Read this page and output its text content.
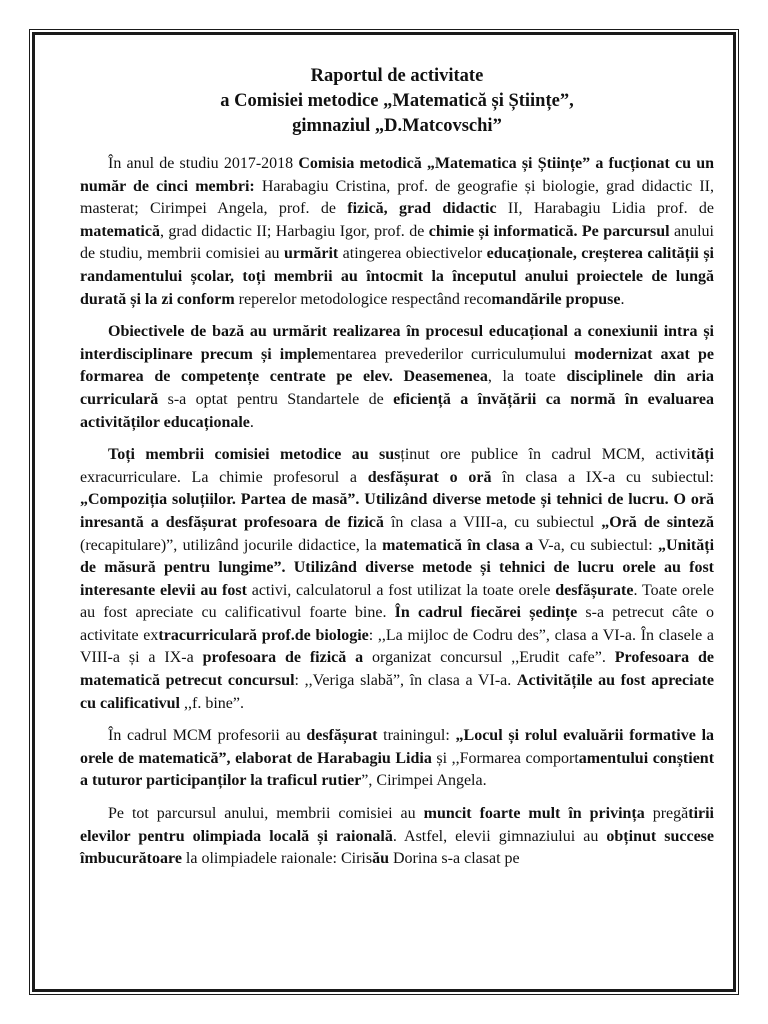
Raportul de activitate
a Comisiei metodice „Matematică și Științe”,
gimnaziul „D.Matcovschi”

În anul de studiu 2017-2018 Comisia metodică „Matematica și Științe” a fucționat cu un număr de cinci membri: Harabagiu Cristina, prof. de geografie și biologie, grad didactic II, masterat; Cirimpei Angela, prof. de fizică, grad didactic II, Harabagiu Lidia prof. de matematică, grad didactic II; Harbagiu Igor, prof. de chimie și informatică. Pe parcursul anului de studiu, membrii comisiei au urmărit atingerea obiectivelor educaționale, creșterea calității și randamentului școlar, toți membrii au întocmit la începutul anului proiectele de lungă durată și la zi conform reperelor metodologice respectând recomandările propuse.

Obiectivele de bază au urmărit realizarea în procesul educațional a conexiunii intra și interdisciplinare precum și implementarea prevederilor curriculumului modernizat axat pe formarea de competențe centrate pe elev. Deasemenea, la toate disciplinele din aria curriculară s-a optat pentru Standartele de eficiență a învățării ca normă în evaluarea activităților educaționale.

Toți membrii comisiei metodice au susținut ore publice în cadrul MCM, activități exracurriculare. La chimie profesorul a desfășurat o oră în clasa a IX-a cu subiectul: „Compoziția soluțiilor. Partea de masă”. Utilizând diverse metode și tehnici de lucru. O oră inresantă a desfășurat profesoara de fizică în clasa a VIII-a, cu subiectul „Oră de sinteză (recapitulare)”, utilizând jocurile didactice, la matematică în clasa a V-a, cu subiectul: „Unități de măsură pentru lungime”. Utilizând diverse metode și tehnici de lucru orele au fost interesante elevii au fost activi, calculatorul a fost utilizat la toate orele desfășurate. Toate orele au fost apreciate cu calificativul foarte bine. În cadrul fiecărei ședințe s-a petrecut câte o activitate extracurriculară prof.de biologie: ,,La mijloc de Codru des”, clasa a VI-a. În clasele a VIII-a și a IX-a profesoara de fizică a organizat concursul ,,Erudit cafe”. Profesoara de matematică petrecut concursul: ,,Veriga slabă”, în clasa a VI-a. Activitățile au fost apreciate cu calificativul ,,f. bine”.

În cadrul MCM profesorii au desfășurat trainingul: „Locul și rolul evaluării formative la orele de matematică”, elaborat de Harabagiu Lidia și ,,Formarea comportamentului conștient a tuturor participanților la traficul rutier”, Cirimpei Angela.

Pe tot parcursul anului, membrii comisiei au muncit foarte mult în privința pregătirii elevilor pentru olimpiada locală și raională. Astfel, elevii gimnaziului au obținut succese îmbucurătoare la olimpiadele raionale: Cirisău Dorina s-a clasat pe
